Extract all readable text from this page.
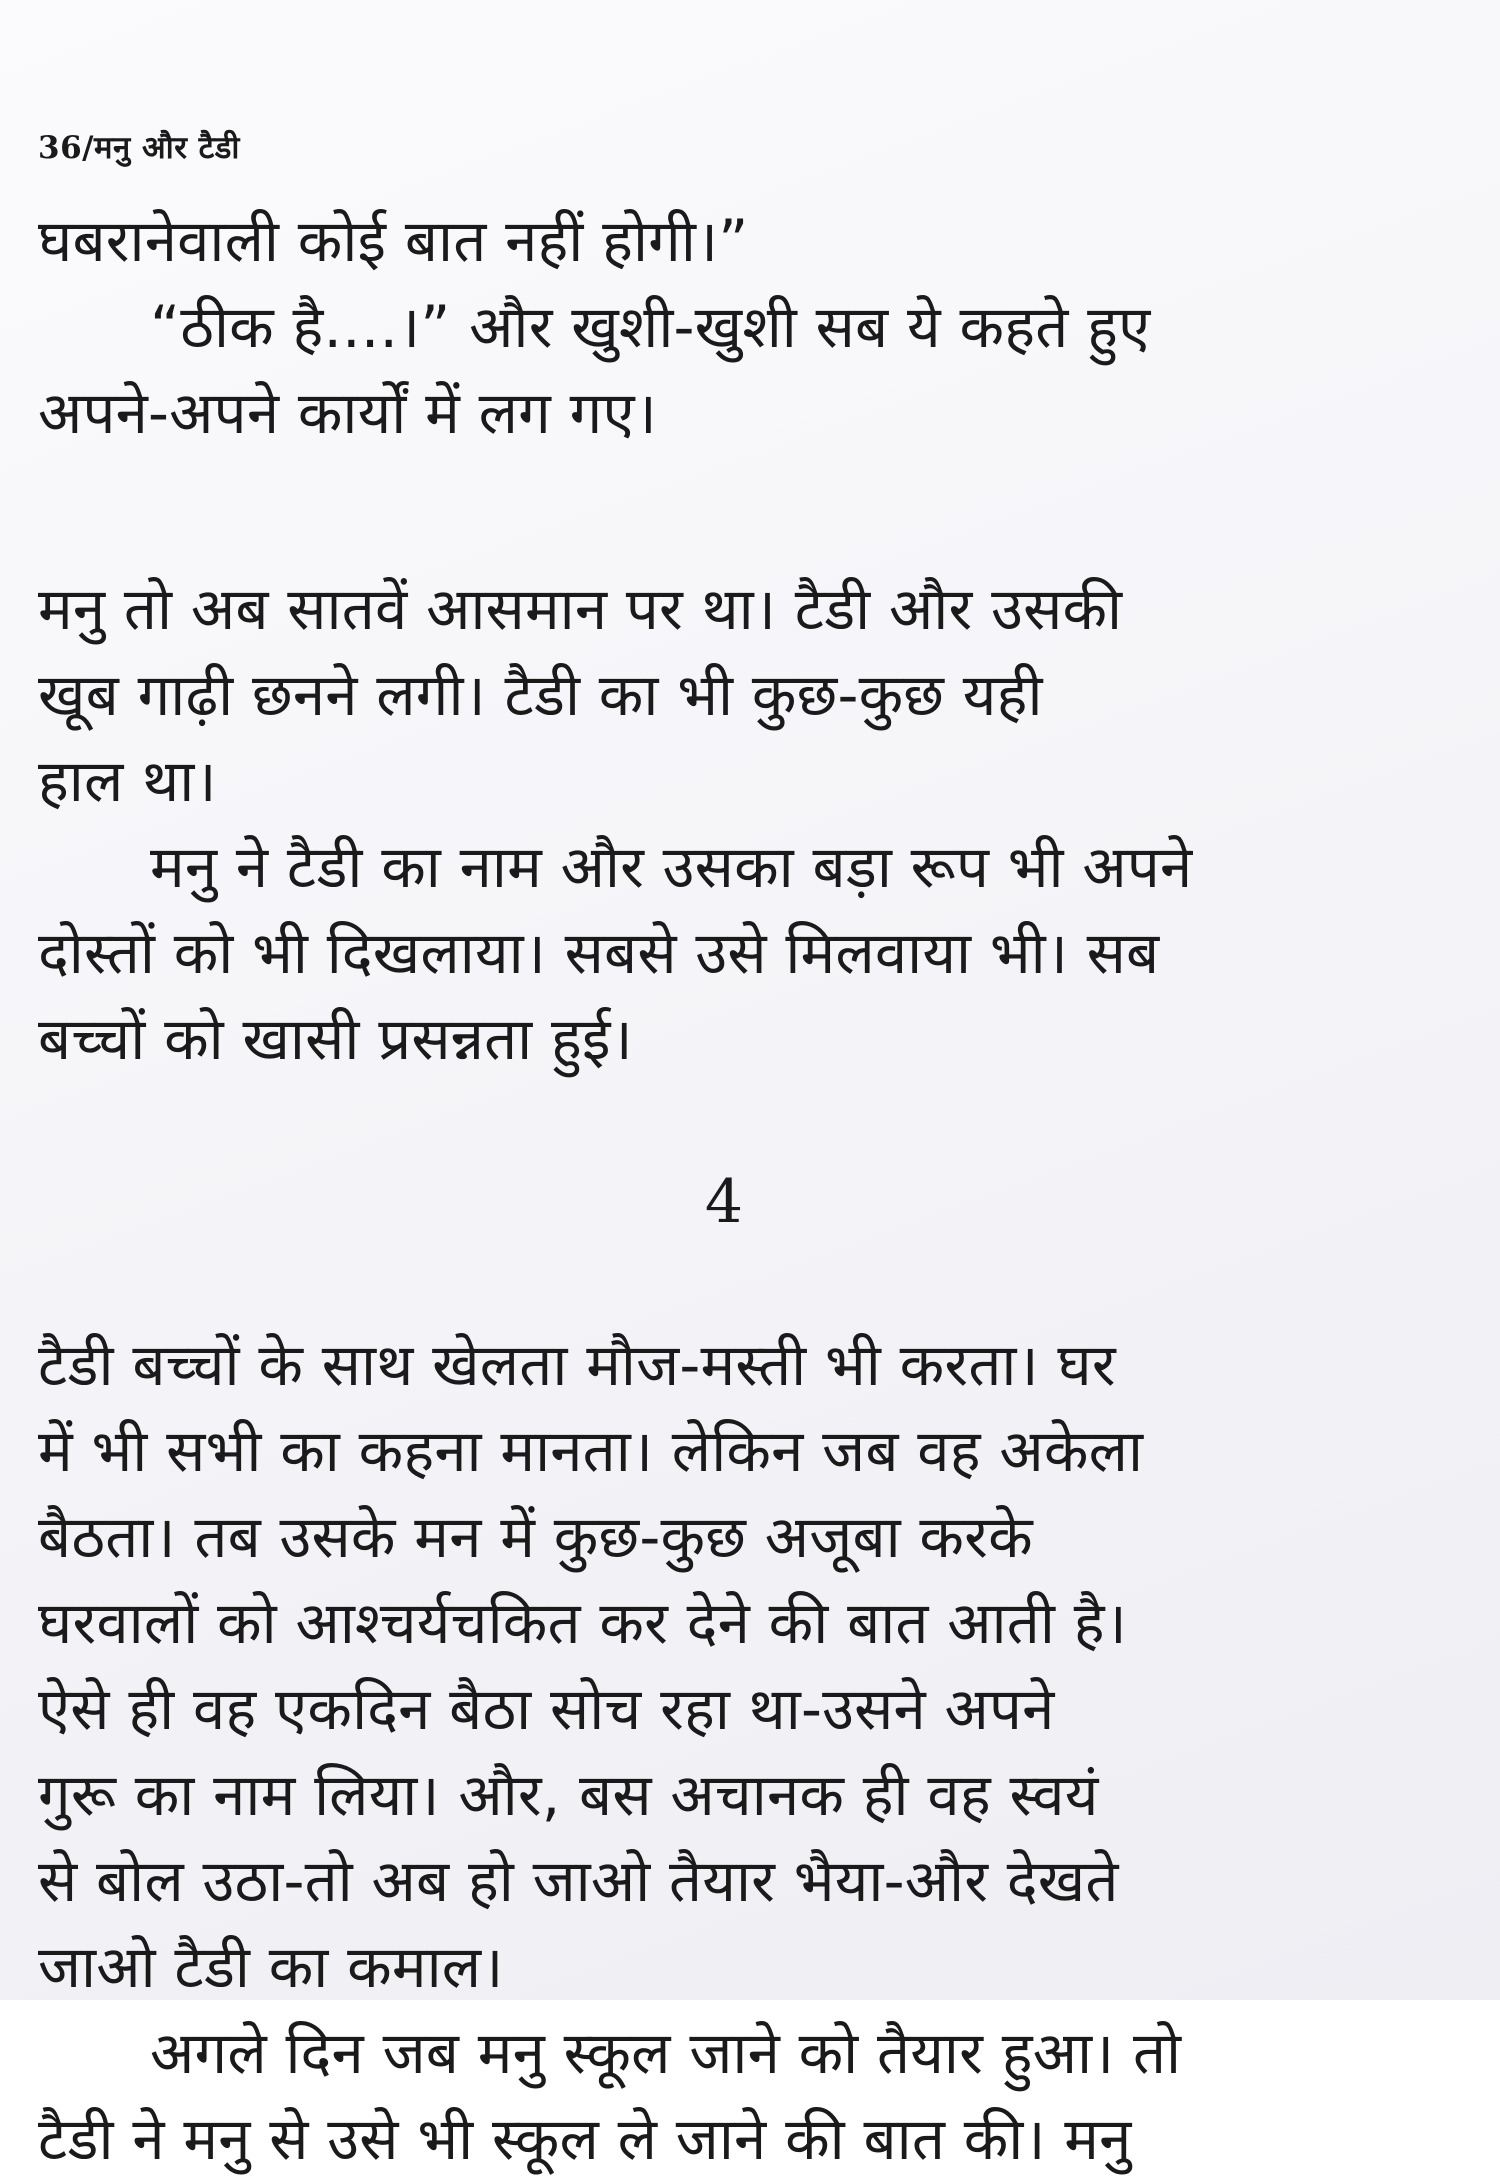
36/मनु और टैडी
घबरानेवाली कोई बात नहीं होगी।”
“ठीक है....।” और खुशी-खुशी सब ये कहते हुए
अपने-अपने कार्यों में लग गए।
मनु तो अब सातवें आसमान पर था। टैडी और उसकी
खूब गाढ़ी छनने लगी। टैडी का भी कुछ-कुछ यही
हाल था।
मनु ने टैडी का नाम और उसका बड़ा रूप भी अपने
दोस्तों को भी दिखलाया। सबसे उसे मिलवाया भी। सब
बच्चों को खासी प्रसन्नता हुई।
4
टैडी बच्चों के साथ खेलता मौज-मस्ती भी करता। घर
में भी सभी का कहना मानता। लेकिन जब वह अकेला
बैठता। तब उसके मन में कुछ-कुछ अजूबा करके
घरवालों को आश्चर्यचकित कर देने की बात आती है।
ऐसे ही वह एकदिन बैठा सोच रहा था-उसने अपने
गुरू का नाम लिया। और, बस अचानक ही वह स्वयं
से बोल उठा-तो अब हो जाओ तैयार भैया-और देखते
जाओ टैडी का कमाल।
अगले दिन जब मनु स्कूल जाने को तैयार हुआ। तो
टैडी ने मनु से उसे भी स्कूल ले जाने की बात की। मनु
